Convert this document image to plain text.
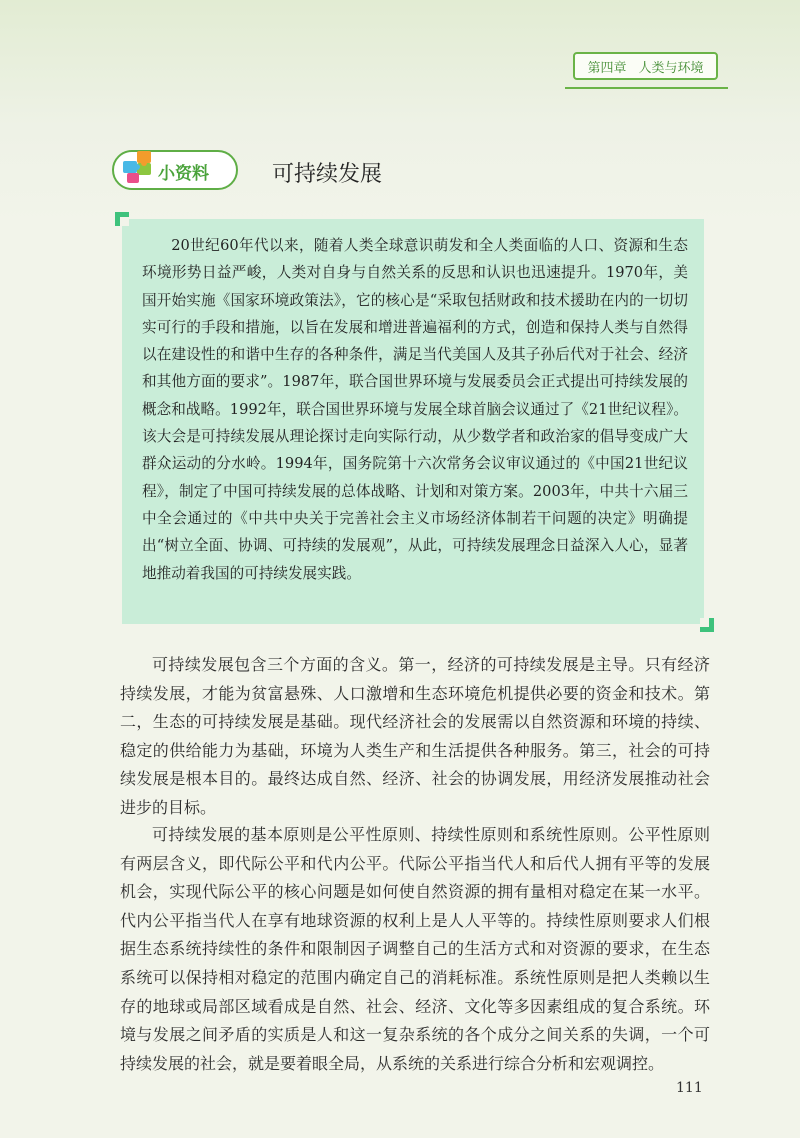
第四章 人类与环境
小资料	可持续发展

20世纪60年代以来，随着人类全球意识萌发和全人类面临的人口、资源和生态环境形势日益严峻，人类对自身与自然关系的反思和认识也迅速提升。1970年，美国开始实施《国家环境政策法》，它的核心是“采取包括财政和技术援助在内的一切切实可行的手段和措施，以旨在发展和增进普遍福利的方式，创造和保持人类与自然得以在建设性的和谐中生存的各种条件，满足当代美国人及其子孙后代对于社会、经济和其他方面的要求”。1987年，联合国世界环境与发展委员会正式提出可持续发展的概念和战略。1992年，联合国世界环境与发展全球首脑会议通过了《21世纪议程》。该大会是可持续发展从理论探讨走向实际行动，从少数学者和政治家的倡导变成广大群众运动的分水岭。1994年，国务院第十六次常务会议审议通过的《中国21世纪议程》，制定了中国可持续发展的总体战略、计划和对策方案。2003年，中共十六届三中全会通过的《中共中央关于完善社会主义市场经济体制若干问题的决定》明确提出“树立全面、协调、可持续的发展观”，从此，可持续发展理念日益深入人心，显著地推动着我国的可持续发展实践。

可持续发展包含三个方面的含义。第一，经济的可持续发展是主导。只有经济持续发展，才能为贫富悬殊、人口激增和生态环境危机提供必要的资金和技术。第二，生态的可持续发展是基础。现代经济社会的发展需以自然资源和环境的持续、稳定的供给能力为基础，环境为人类生产和生活提供各种服务。第三，社会的可持续发展是根本目的。最终达成自然、经济、社会的协调发展，用经济发展推动社会进步的目标。

可持续发展的基本原则是公平性原则、持续性原则和系统性原则。公平性原则有两层含义，即代际公平和代内公平。代际公平指当代人和后代人拥有平等的发展机会，实现代际公平的核心问题是如何使自然资源的拥有量相对稳定在某一水平。代内公平指当代人在享有地球资源的权利上是人人平等的。持续性原则要求人们根据生态系统持续性的条件和限制因子调整自己的生活方式和对资源的要求，在生态系统可以保持相对稳定的范围内确定自己的消耗标准。系统性原则是把人类赖以生存的地球或局部区域看成是自然、社会、经济、文化等多因素组成的复合系统。环境与发展之间矛盾的实质是人和这一复杂系统的各个成分之间关系的失调，一个可持续发展的社会，就是要着眼全局，从系统的关系进行综合分析和宏观调控。

111
